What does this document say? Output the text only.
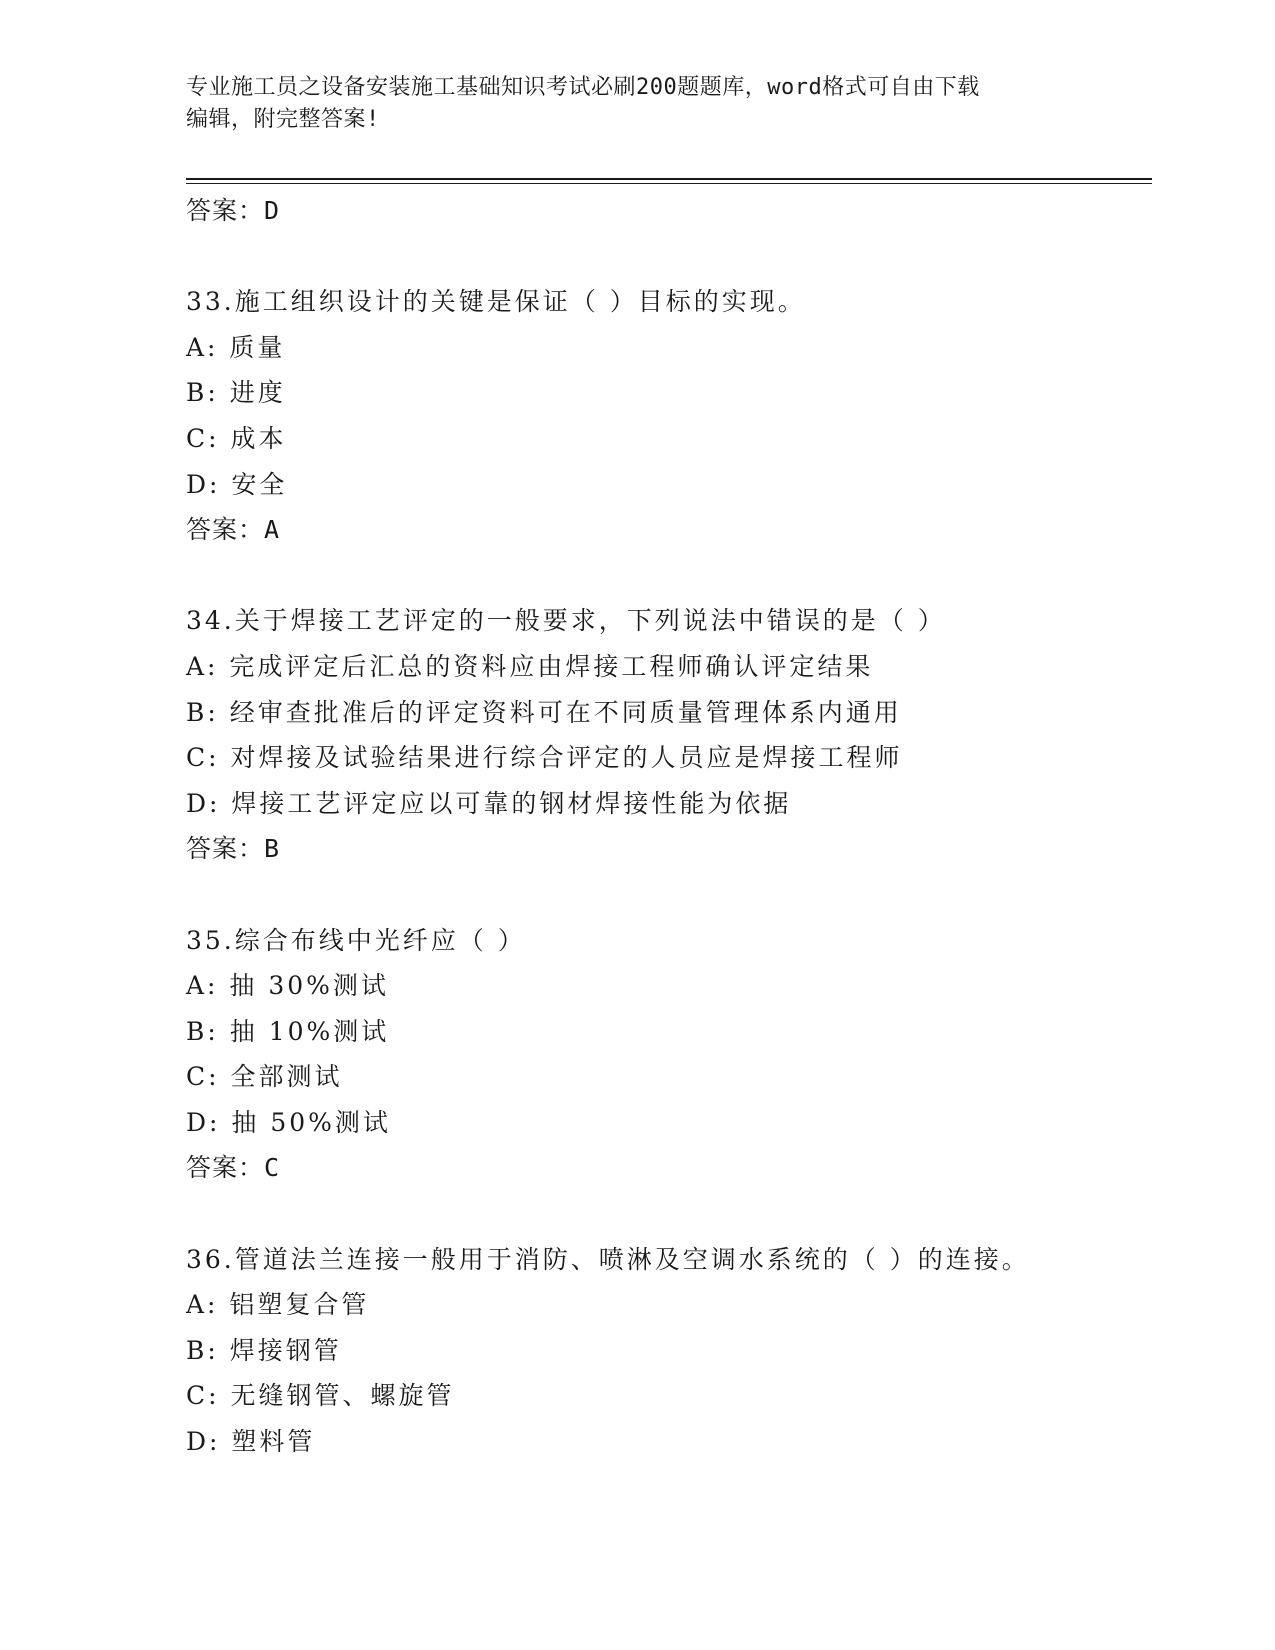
专业施工员之设备安装施工基础知识考试必刷200题题库，word格式可自由下载
编辑，附完整答案!
答案：D
33.施工组织设计的关键是保证（ ）目标的实现。
A: 质量
B: 进度
C: 成本
D: 安全
答案：A
34.关于焊接工艺评定的一般要求，下列说法中错误的是（ ）
A: 完成评定后汇总的资料应由焊接工程师确认评定结果
B: 经审查批准后的评定资料可在不同质量管理体系内通用
C: 对焊接及试验结果进行综合评定的人员应是焊接工程师
D: 焊接工艺评定应以可靠的钢材焊接性能为依据
答案：B
35.综合布线中光纤应（ ）
A: 抽 30%测试
B: 抽 10%测试
C: 全部测试
D: 抽 50%测试
答案：C
36.管道法兰连接一般用于消防、喷淋及空调水系统的（ ）的连接。
A: 铝塑复合管
B: 焊接钢管
C: 无缝钢管、螺旋管
D: 塑料管
